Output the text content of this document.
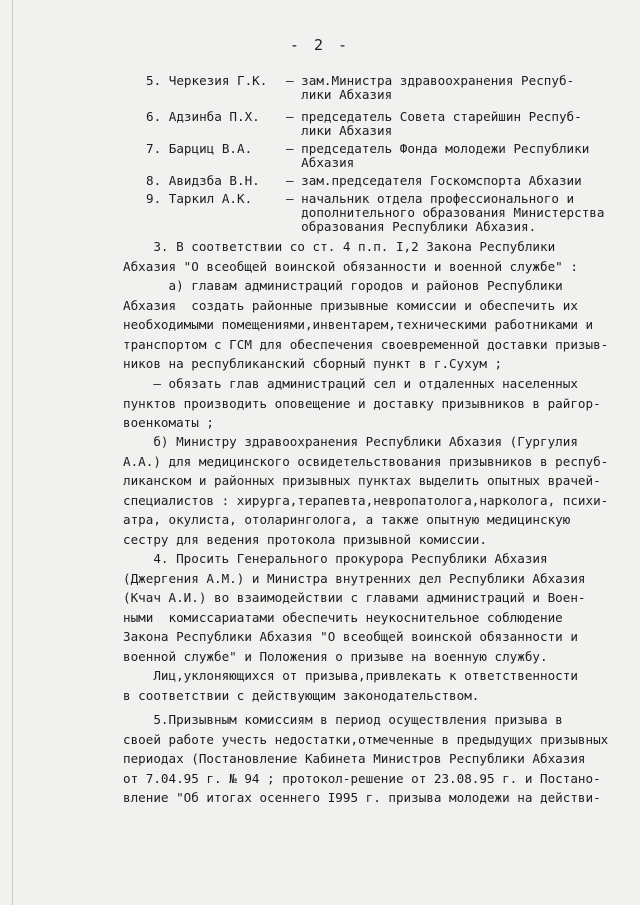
- 2 -
5. Черкезия Г.К. – зам.Министра здравоохранения Респуб-
лики Абхазия
6. Адзинба П.Х. – председатель Совета старейшин Респуб-
лики Абхазия
7. Барциц В.А.	– председатель Фонда молодежи Республики
Абхазия
8. Авидзба В.Н. – зам.председателя Госкомспорта Абхазии
9. Таркил А.К.	– начальник отдела профессионального и
дополнительного образования Министерства
образования Республики Абхазия.
3. В соответствии со ст. 4 п.п. I,2 Закона Республики
Абхазия "О всеобщей воинской обязанности и военной службе" :
а) главам администраций городов и районов Республики
Абхазия  создать районные призывные комиссии и обеспечить их
необходимыми помещениями,инвентарем,техническими работниками и
транспортом с ГСМ для обеспечения своевременной доставки призыв-
ников на республиканский сборный пункт в г.Сухум ;
– обязать глав администраций сел и отдаленных населенных
пунктов производить оповещение и доставку призывников в райгор-
военкоматы ;
б) Министру здравоохранения Республики Абхазия (Гургулия
А.А.) для медицинского освидетельствования призывников в респуб-
ликанском и районных призывных пунктах выделить опытных врачей-
специалистов : хирурга,терапевта,невропатолога,нарколога, психи-
атра, окулиста, отоларинголога, а также опытную медицинскую
сестру для ведения протокола призывной комиссии.
4. Просить Генерального прокурора Республики Абхазия
(Джергения А.М.) и Министра внутренних дел Республики Абхазия
(Кчач А.И.) во взаимодействии с главами администраций и Воен-
ными  комиссариатами обеспечить неукоснительное соблюдение
Закона Республики Абхазия "О всеобщей воинской обязанности и
военной службе" и Положения о призыве на военную службу.
Лиц,уклоняющихся от призыва,привлекать к ответственности
в соответствии с действующим законодательством.
5.Призывным комиссиям в период осуществления призыва в
своей работе учесть недостатки,отмеченные в предыдущих призывных
периодах (Постановление Кабинета Министров Республики Абхазия
от 7.04.95 г. № 94 ; протокол-решение от 23.08.95 г. и Постано-
вление "Об итогах осеннего I995 г. призыва молодежи на действи-
